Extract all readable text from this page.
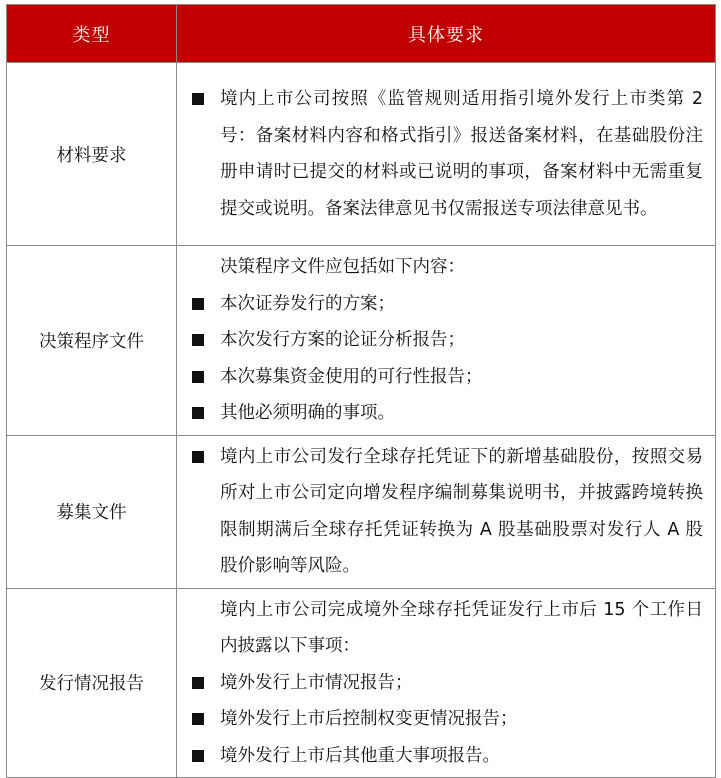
类型	具体要求
材料要求	境内上市公司按照《监管规则适用指引境外发行上市类第 2 号：备案材料内容和格式指引》报送备案材料，在基础股份注册申请时已提交的材料或已说明的事项，备案材料中无需重复提交或说明。备案法律意见书仅需报送专项法律意见书。

决策程序文件	决策程序文件应包括如下内容：
本次证券发行的方案；
本次发行方案的论证分析报告；
本次募集资金使用的可行性报告；
其他必须明确的事项。

募集文件	境内上市公司发行全球存托凭证下的新增基础股份，按照交易所对上市公司定向增发程序编制募集说明书，并披露跨境转换限制期满后全球存托凭证转换为 A 股基础股票对发行人 A 股股价影响等风险。

发行情况报告	境内上市公司完成境外全球存托凭证发行上市后 15 个工作日内披露以下事项：
境外发行上市情况报告；
境外发行上市后控制权变更情况报告；
境外发行上市后其他重大事项报告。
